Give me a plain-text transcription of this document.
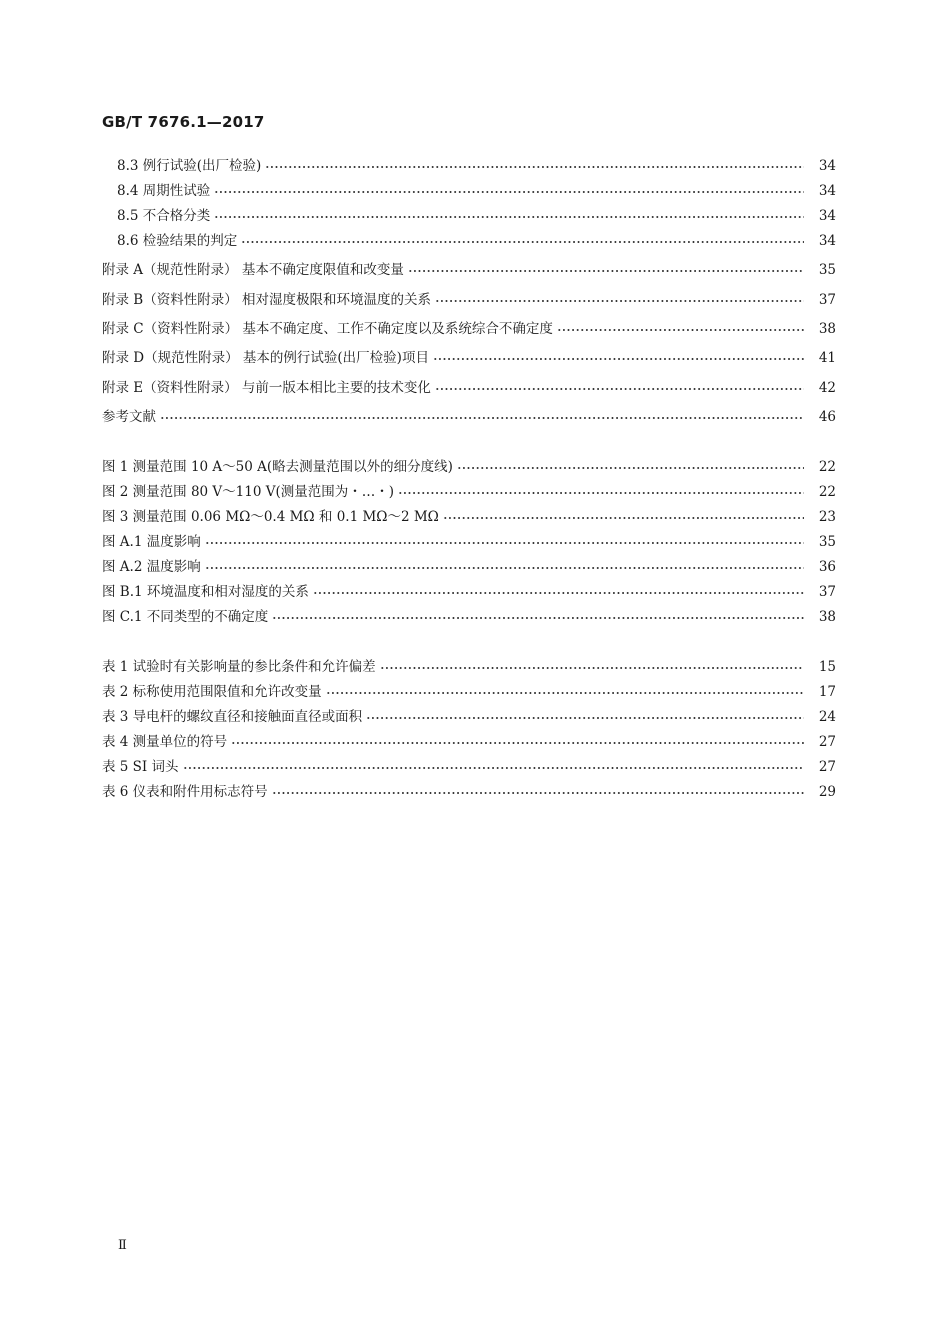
GB/T 7676.1—2017
8.3 例行试验(出厂检验)	34
8.4 周期性试验	34
8.5 不合格分类	34
8.6 检验结果的判定	34
附录 A（规范性附录） 基本不确定度限值和改变量	35
附录 B（资料性附录） 相对湿度极限和环境温度的关系	37
附录 C（资料性附录） 基本不确定度、工作不确定度以及系统综合不确定度	38
附录 D（规范性附录） 基本的例行试验(出厂检验)项目	41
附录 E（资料性附录） 与前一版本相比主要的技术变化	42
参考文献	46
图 1 测量范围 10 A～50 A(略去测量范围以外的细分度线)	22
图 2 测量范围 80 V～110 V(测量范围为・…・)	22
图 3 测量范围 0.06 MΩ～0.4 MΩ 和 0.1 MΩ～2 MΩ	23
图 A.1 温度影响	35
图 A.2 温度影响	36
图 B.1 环境温度和相对湿度的关系	37
图 C.1 不同类型的不确定度	38
表 1 试验时有关影响量的参比条件和允许偏差	15
表 2 标称使用范围限值和允许改变量	17
表 3 导电杆的螺纹直径和接触面直径或面积	24
表 4 测量单位的符号	27
表 5 SI 词头	27
表 6 仪表和附件用标志符号	29
Ⅱ
